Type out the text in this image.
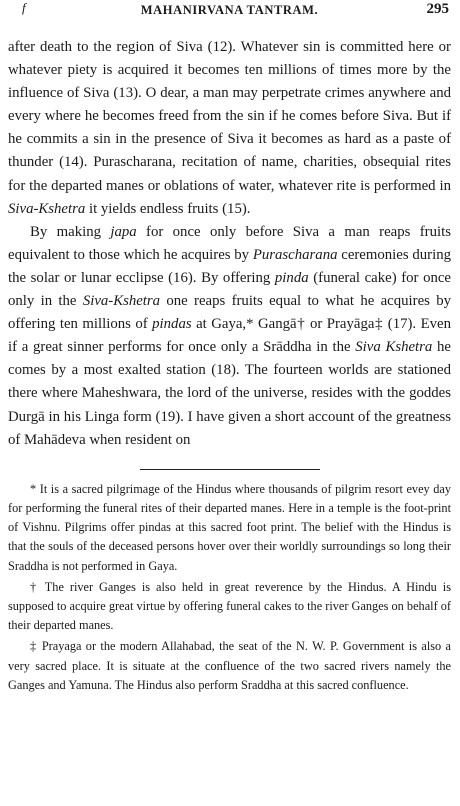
f	MAHANIRVANA TANTRAM.	295

after death to the region of Siva (12). Whatever sin is committed here or whatever piety is acquired it becomes ten millions of times more by the influence of Siva (13). O dear, a man may perpetrate crimes anywhere and every where he becomes freed from the sin if he comes before Siva. But if he commits a sin in the presence of Siva it becomes as hard as a paste of thunder (14). Purascharana, recitation of name, charities, obsequial rites for the departed manes or oblations of water, whatever rite is performed in Siva-Kshetra it yields endless fruits (15).

By making japa for once only before Siva a man reaps fruits equivalent to those which he acquires by Purascharana ceremonies during the solar or lunar ecclipse (16). By offering pinda (funeral cake) for once only in the Siva-Kshetra one reaps fruits equal to what he acquires by offering ten millions of pindas at Gaya,* Gangā† or Prayāga‡ (17). Even if a great sinner performs for once only a Srāddha in the Siva Kshetra he comes by a most exalted station (18). The fourteen worlds are stationed there where Maheshwara, the lord of the universe, resides with the goddes Durgā in his Linga form (19). I have given a short account of the greatness of Mahādeva when resident on

* It is a sacred pilgrimage of the Hindus where thousands of pilgrim resort evey day for performing the funeral rites of their departed manes. Here in a temple is the foot-print of Vishnu. Pilgrims offer pindas at this sacred foot print. The belief with the Hindus is that the souls of the deceased persons hover over their worldly surroundings so long their Sraddha is not performed in Gaya.

† The river Ganges is also held in great reverence by the Hindus. A Hindu is supposed to acquire great virtue by offering funeral cakes to the river Ganges on behalf of their departed manes.

‡ Prayaga or the modern Allahabad, the seat of the N. W. P. Government is also a very sacred place. It is situate at the confluence of the two sacred rivers namely the Ganges and Yamuna. The Hindus also perform Sraddha at this sacred confluence.
